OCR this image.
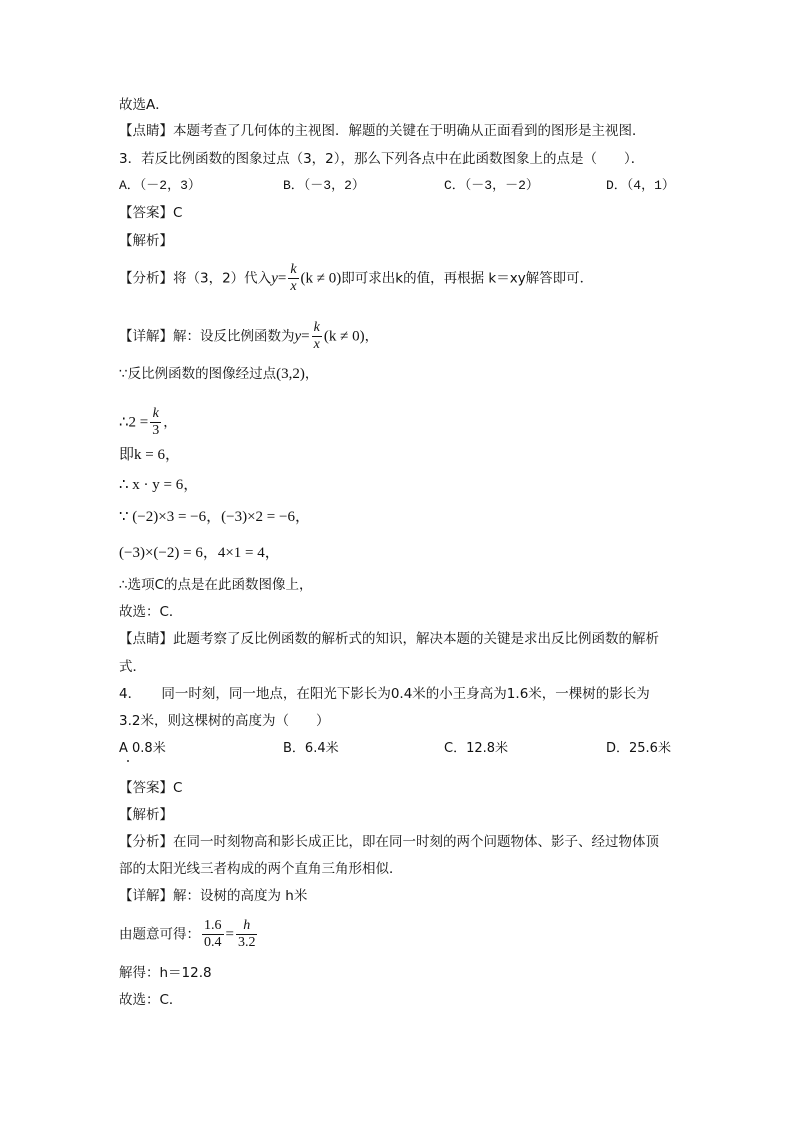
故选A．
【点睛】本题考查了几何体的主视图．解题的关键在于明确从正面看到的图形是主视图．
3．若反比例函数的图象过点（3，2），那么下列各点中在此函数图象上的点是（　　）．
A．（－2，3）	B．（－3，2）	C．（－3，－2）	D．（4，1）
【答案】C
【解析】
【分析】将（3，2）代入$y= \frac{k}{x} (k \ne 0)$即可求出k的值，再根据 k＝xy解答即可．
【详解】解：设反比例函数为$y= \frac{k}{x} (k \ne 0)$，
∵反比例函数的图像经过点(3,2)，
∴2 = $\frac{k}{3}$ ，
即k = 6，
∴ x · y = 6，
∵ (−2)×3 = −6，(−3)×2 = −6，
(−3)×(−2) = 6，4×1 = 4，
∴选项C的点是在此函数图像上，
故选：C．
【点睛】此题考察了反比例函数的解析式的知识，解决本题的关键是求出反比例函数的解析
式．
4．　　同一时刻，同一地点，在阳光下影长为0.4米的小王身高为1.6米，一棵树的影长为
3.2米，则这棵树的高度为（　　）
A 0.8米	B．6.4米	C．12.8米	D．25.6米
【答案】C
【解析】
【分析】在同一时刻物高和影长成正比，即在同一时刻的两个问题物体、影子、经过物体顶
部的太阳光线三者构成的两个直角三角形相似．
【详解】解：设树的高度为 h米
由题意可得： $\frac{1.6}{0.4} = \frac{h}{3.2}$
解得：h＝12.8
故选：C．
